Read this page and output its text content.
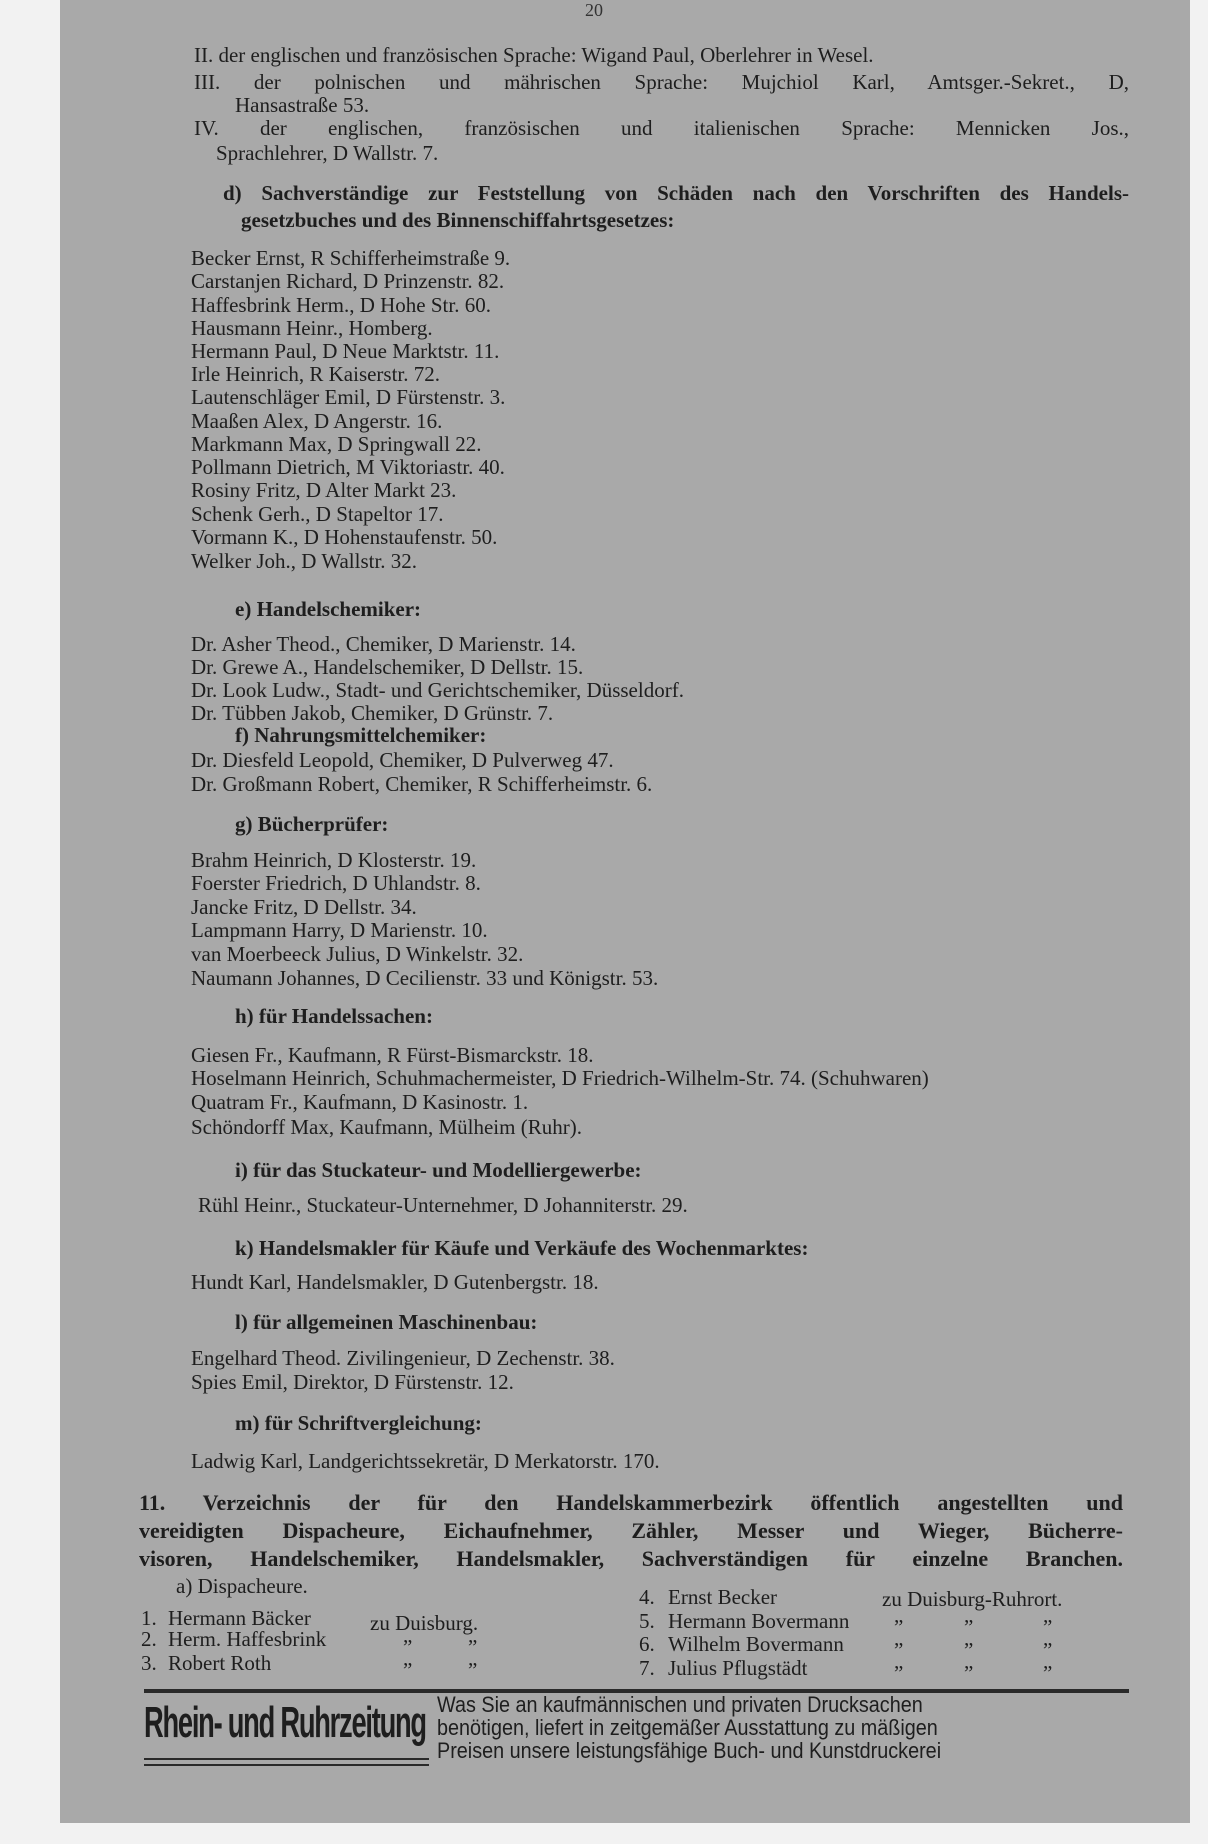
20
II. der englischen und französischen Sprache: Wigand Paul, Oberlehrer in Wesel.
III. der polnischen und mährischen Sprache: Mujchiol Karl, Amtsger.-Sekret., D,
Hansastraße 53.
IV. der englischen, französischen und italienischen Sprache: Mennicken Jos.,
Sprachlehrer, D Wallstr. 7.
d) Sachverständige zur Feststellung von Schäden nach den Vorschriften des Handels-
gesetzbuches und des Binnenschiffahrtsgesetzes:
Becker Ernst, R Schifferheimstraße 9.
Carstanjen Richard, D Prinzenstr. 82.
Haffesbrink Herm., D Hohe Str. 60.
Hausmann Heinr., Homberg.
Hermann Paul, D Neue Marktstr. 11.
Irle Heinrich, R Kaiserstr. 72.
Lautenschläger Emil, D Fürstenstr. 3.
Maaßen Alex, D Angerstr. 16.
Markmann Max, D Springwall 22.
Pollmann Dietrich, M Viktoriastr. 40.
Rosiny Fritz, D Alter Markt 23.
Schenk Gerh., D Stapeltor 17.
Vormann K., D Hohenstaufenstr. 50.
Welker Joh., D Wallstr. 32.
e) Handelschemiker:
Dr. Asher Theod., Chemiker, D Marienstr. 14.
Dr. Grewe A., Handelschemiker, D Dellstr. 15.
Dr. Look Ludw., Stadt- und Gerichtschemiker, Düsseldorf.
Dr. Tübben Jakob, Chemiker, D Grünstr. 7.
f) Nahrungsmittelchemiker:
Dr. Diesfeld Leopold, Chemiker, D Pulverweg 47.
Dr. Großmann Robert, Chemiker, R Schifferheimstr. 6.
g) Bücherprüfer:
Brahm Heinrich, D Klosterstr. 19.
Foerster Friedrich, D Uhlandstr. 8.
Jancke Fritz, D Dellstr. 34.
Lampmann Harry, D Marienstr. 10.
van Moerbeeck Julius, D Winkelstr. 32.
Naumann Johannes, D Cecilienstr. 33 und Königstr. 53.
h) für Handelssachen:
Giesen Fr., Kaufmann, R Fürst-Bismarckstr. 18.
Hoselmann Heinrich, Schuhmachermeister, D Friedrich-Wilhelm-Str. 74. (Schuhwaren)
Quatram Fr., Kaufmann, D Kasinostr. 1.
Schöndorff Max, Kaufmann, Mülheim (Ruhr).
i) für das Stuckateur- und Modelliergewerbe:
Rühl Heinr., Stuckateur-Unternehmer, D Johanniterstr. 29.
k) Handelsmakler für Käufe und Verkäufe des Wochenmarktes:
Hundt Karl, Handelsmakler, D Gutenbergstr. 18.
l) für allgemeinen Maschinenbau:
Engelhard Theod. Zivilingenieur, D Zechenstr. 38.
Spies Emil, Direktor, D Fürstenstr. 12.
m) für Schriftvergleichung:
Ladwig Karl, Landgerichtssekretär, D Merkatorstr. 170.
11. Verzeichnis der für den Handelskammerbezirk öffentlich angestellten und
vereidigten Dispacheure, Eichaufnehmer, Zähler, Messer und Wieger, Bücherre-
visoren, Handelschemiker, Handelsmakler, Sachverständigen für einzelne Branchen.
a) Dispacheure.
1. Hermann Bäcker	zu Duisburg.
2. Herm. Haffesbrink	”	”
3. Robert Roth	”	”
4. Ernst Becker	zu Duisburg-Ruhrort.
5. Hermann Bovermann ”	”	”
6. Wilhelm Bovermann ”	”	”
7. Julius Pflugstädt	”	”	”
Rhein- und Ruhrzeitung Was Sie an kaufmännischen und privaten Drucksachen
benötigen, liefert in zeitgemäßer Ausstattung zu mäßigen
Preisen unsere leistungsfähige Buch- und Kunstdruckerei
